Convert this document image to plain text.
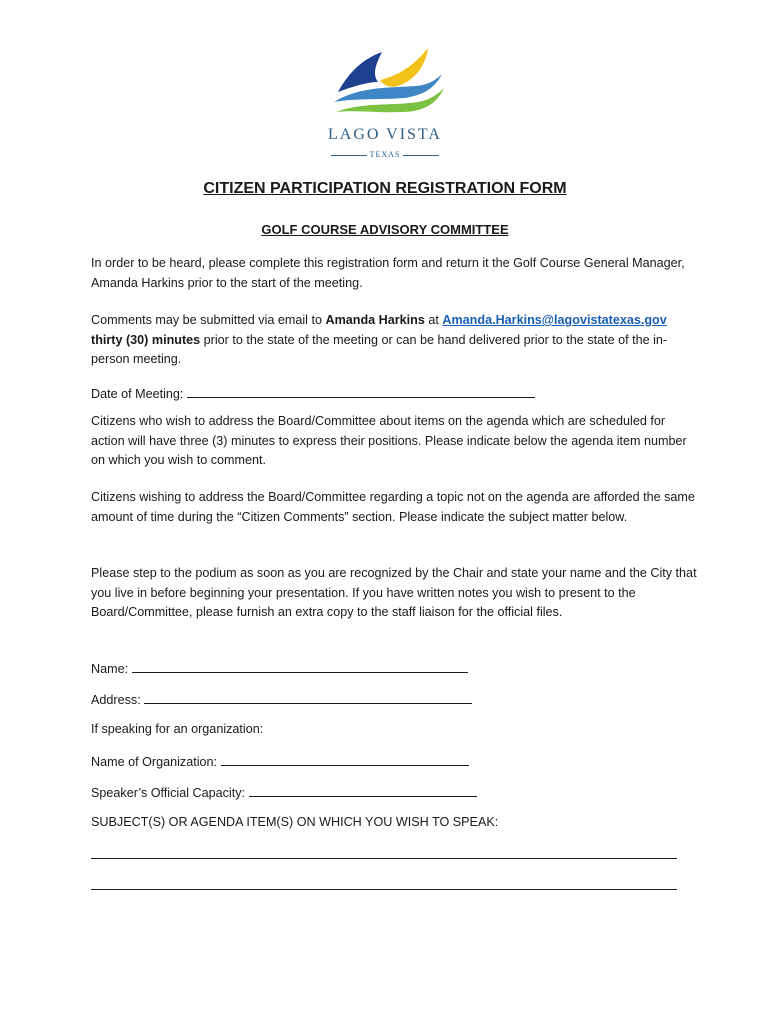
LAGO VISTA
TEXAS
CITIZEN PARTICIPATION REGISTRATION FORM
GOLF COURSE ADVISORY COMMITTEE
In order to be heard, please complete this registration form and return it the Golf Course General Manager, Amanda Harkins prior to the start of the meeting.
Comments may be submitted via email to Amanda Harkins at Amanda.Harkins@lagovistatexas.gov thirty (30) minutes prior to the state of the meeting or can be hand delivered prior to the state of the in-person meeting.
Date of Meeting:
Citizens who wish to address the Board/Committee about items on the agenda which are scheduled for action will have three (3) minutes to express their positions. Please indicate below the agenda item number on which you wish to comment.
Citizens wishing to address the Board/Committee regarding a topic not on the agenda are afforded the same amount of time during the “Citizen Comments” section. Please indicate the subject matter below.
Please step to the podium as soon as you are recognized by the Chair and state your name and the City that you live in before beginning your presentation. If you have written notes you wish to present to the Board/Committee, please furnish an extra copy to the staff liaison for the official files.
Name:
Address:
If speaking for an organization:
Name of Organization:
Speaker’s Official Capacity:
SUBJECT(S) OR AGENDA ITEM(S) ON WHICH YOU WISH TO SPEAK:
